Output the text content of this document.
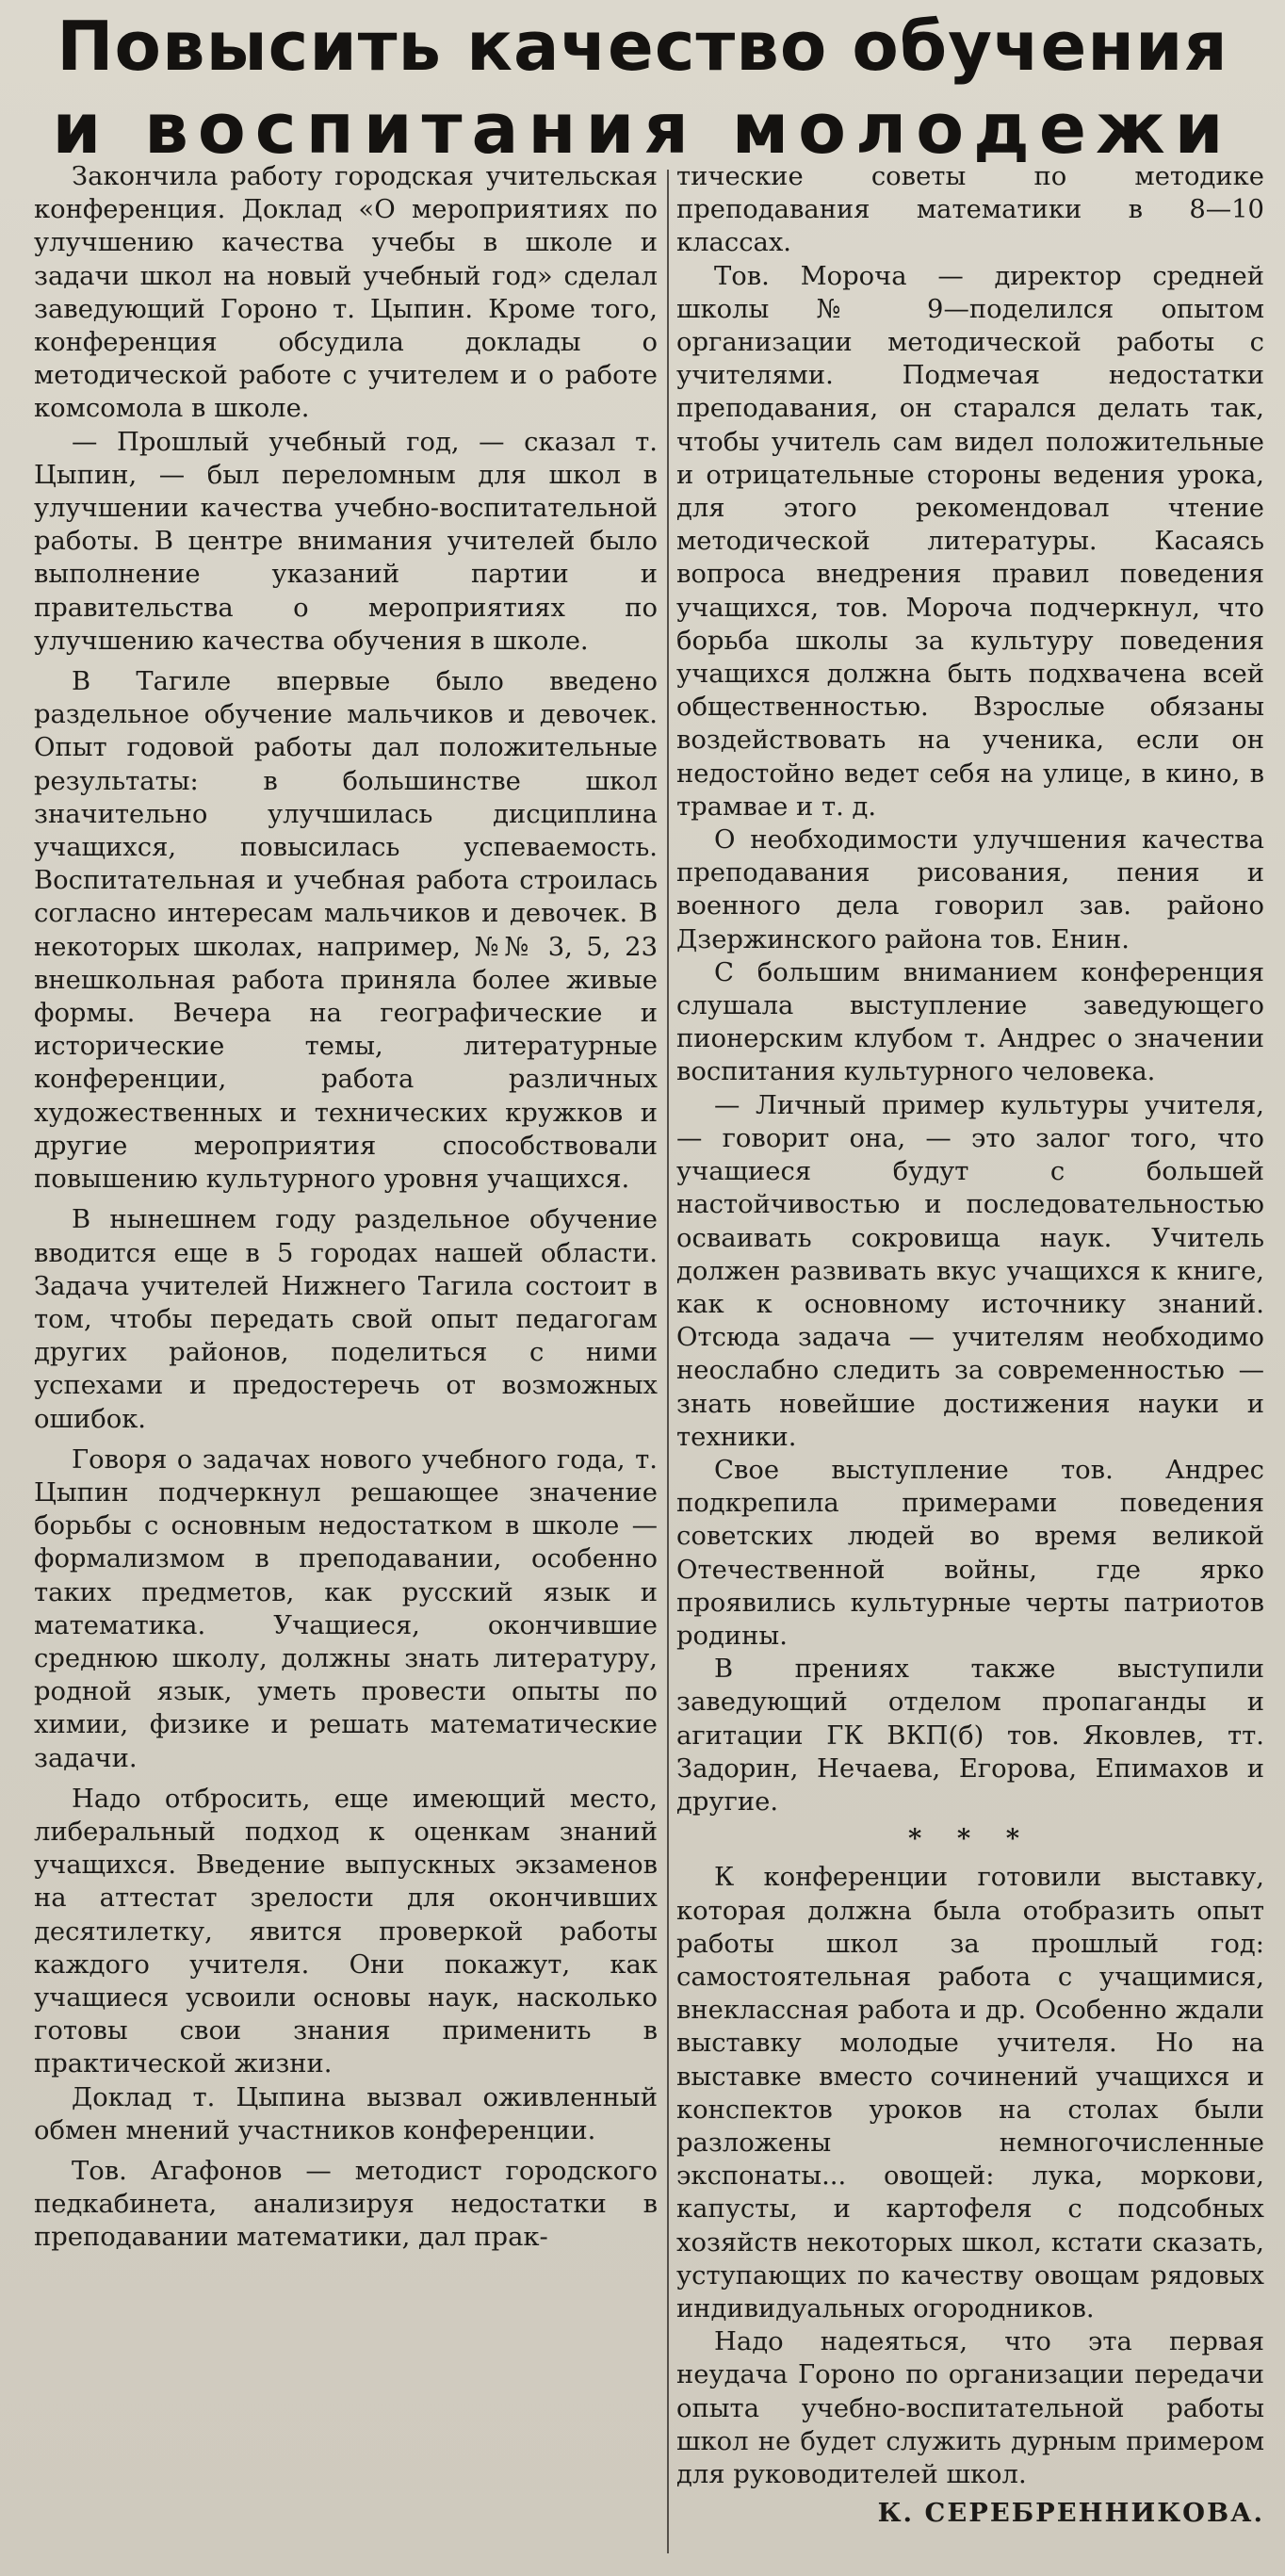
Повысить качество обучения
и воспитания молодежи

Закончила работу городская учительская конференция. Доклад «О мероприятиях по улучшению качества учебы в школе и задачи школ на новый учебный год» сделал заведующий Гороно т. Цыпин. Кроме того, конференция обсудила доклады о методической работе с учителем и о работе комсомола в школе.

— Прошлый учебный год, — сказал т. Цыпин, — был переломным для школ в улучшении качества учебно-воспитательной работы. В центре внимания учителей было выполнение указаний партии и правительства о мероприятиях по улучшению качества обучения в школе.

В Тагиле впервые было введено раздельное обучение мальчиков и девочек. Опыт годовой работы дал положительные результаты: в большинстве школ значительно улучшилась дисциплина учащихся, повысилась успеваемость. Воспитательная и учебная работа строилась согласно интересам мальчиков и девочек. В некоторых школах, например, №№ 3, 5, 23 внешкольная работа приняла более живые формы. Вечера на географические и исторические темы, литературные конференции, работа различных художественных и технических кружков и другие мероприятия способствовали повышению культурного уровня учащихся.

В нынешнем году раздельное обучение вводится еще в 5 городах нашей области. Задача учителей Нижнего Тагила состоит в том, чтобы передать свой опыт педагогам других районов, поделиться с ними успехами и предостеречь от возможных ошибок.

Говоря о задачах нового учебного года, т. Цыпин подчеркнул решающее значение борьбы с основным недостатком в школе — формализмом в преподавании, особенно таких предметов, как русский язык и математика. Учащиеся, окончившие среднюю школу, должны знать литературу, родной язык, уметь провести опыты по химии, физике и решать математические задачи.

Надо отбросить, еще имеющий место, либеральный подход к оценкам знаний учащихся. Введение выпускных экзаменов на аттестат зрелости для окончивших десятилетку, явится проверкой работы каждого учителя. Они покажут, как учащиеся усвоили основы наук, насколько готовы свои знания применить в практической жизни.

Доклад т. Цыпина вызвал оживленный обмен мнений участников конференции.

Тов. Агафонов — методист городского педкабинета, анализируя недостатки в преподавании математики, дал прак-

тические советы по методике преподавания математики в 8—10 классах.

Тов. Мороча — директор средней школы № 9—поделился опытом организации методической работы с учителями. Подмечая недостатки преподавания, он старался делать так, чтобы учитель сам видел положительные и отрицательные стороны ведения урока, для этого рекомендовал чтение методической литературы. Касаясь вопроса внедрения правил поведения учащихся, тов. Мороча подчеркнул, что борьба школы за культуру поведения учащихся должна быть подхвачена всей общественностью. Взрослые обязаны воздействовать на ученика, если он недостойно ведет себя на улице, в кино, в трамвае и т. д.

О необходимости улучшения качества преподавания рисования, пения и военного дела говорил зав. районо Дзержинского района тов. Енин.

С большим вниманием конференция слушала выступление заведующего пионерским клубом т. Андрес о значении воспитания культурного человека.

— Личный пример культуры учителя, — говорит она, — это залог того, что учащиеся будут с большей настойчивостью и последовательностью осваивать сокровища наук. Учитель должен развивать вкус учащихся к книге, как к основному источнику знаний. Отсюда задача — учителям необходимо неослабно следить за современностью — знать новейшие достижения науки и техники.

Свое выступление тов. Андрес подкрепила примерами поведения советских людей во время великой Отечественной войны, где ярко проявились культурные черты патриотов родины.

В прениях также выступили заведующий отделом пропаганды и агитации ГК ВКП(б) тов. Яковлев, тт. Задорин, Нечаева, Егорова, Епимахов и другие.

* * *

К конференции готовили выставку, которая должна была отобразить опыт работы школ за прошлый год: самостоятельная работа с учащимися, внеклассная работа и др. Особенно ждали выставку молодые учителя. Но на выставке вместо сочинений учащихся и конспектов уроков на столах были разложены немногочисленные экспонаты... овощей: лука, моркови, капусты, и картофеля с подсобных хозяйств некоторых школ, кстати сказать, уступающих по качеству овощам рядовых индивидуальных огородников.

Надо надеяться, что эта первая неудача Гороно по организации передачи опыта учебно-воспитательной работы школ не будет служить дурным примером для руководителей школ.

К. СЕРЕБРЕННИКОВА.
